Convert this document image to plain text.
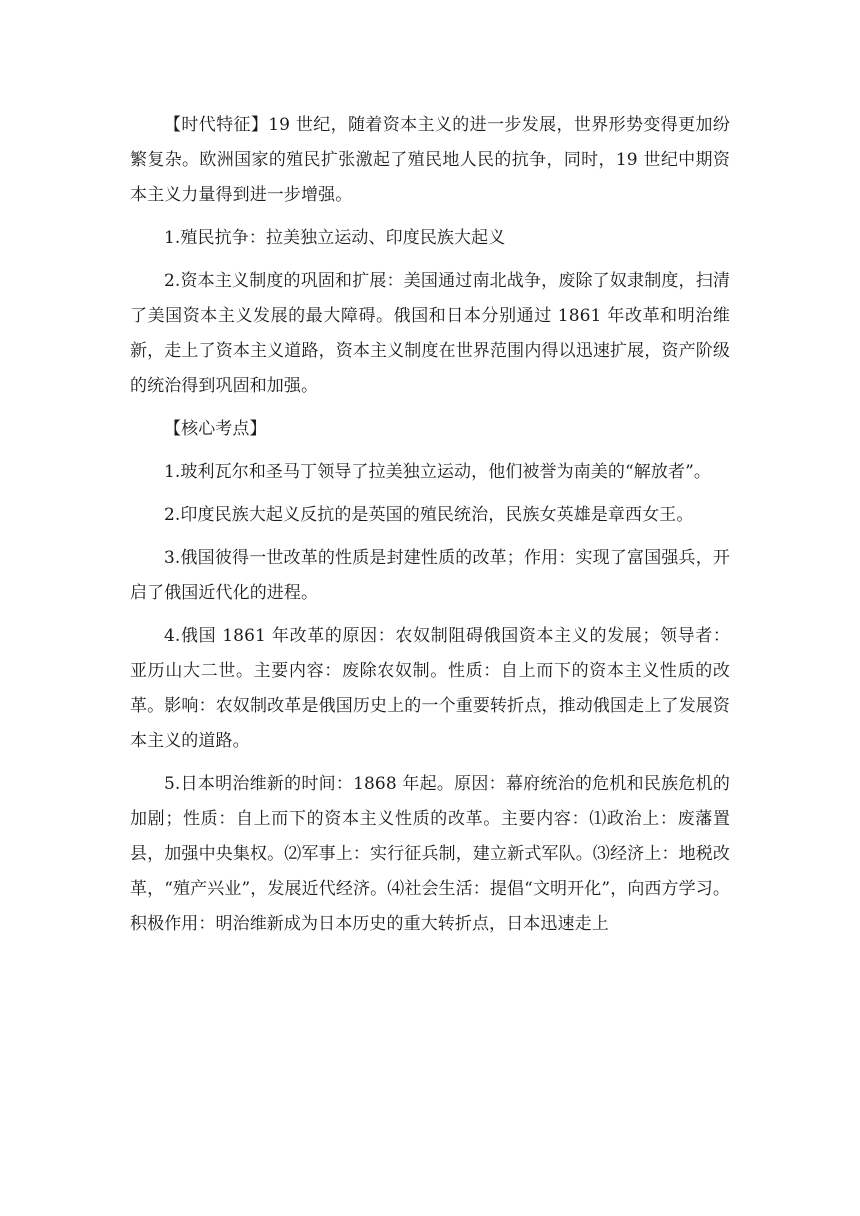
【时代特征】19 世纪，随着资本主义的进一步发展，世界形势变得更加纷繁复杂。欧洲国家的殖民扩张激起了殖民地人民的抗争，同时，19 世纪中期资本主义力量得到进一步增强。

1.殖民抗争：拉美独立运动、印度民族大起义

2.资本主义制度的巩固和扩展：美国通过南北战争，废除了奴隶制度，扫清了美国资本主义发展的最大障碍。俄国和日本分别通过 1861 年改革和明治维新，走上了资本主义道路，资本主义制度在世界范围内得以迅速扩展，资产阶级的统治得到巩固和加强。

【核心考点】

1.玻利瓦尔和圣马丁领导了拉美独立运动，他们被誉为南美的“解放者”。

2.印度民族大起义反抗的是英国的殖民统治，民族女英雄是章西女王。

3.俄国彼得一世改革的性质是封建性质的改革；作用：实现了富国强兵，开启了俄国近代化的进程。

4.俄国 1861 年改革的原因：农奴制阻碍俄国资本主义的发展；领导者：亚历山大二世。主要内容：废除农奴制。性质：自上而下的资本主义性质的改革。影响：农奴制改革是俄国历史上的一个重要转折点，推动俄国走上了发展资本主义的道路。

5.日本明治维新的时间：1868 年起。原因：幕府统治的危机和民族危机的加剧；性质：自上而下的资本主义性质的改革。主要内容：⑴政治上：废藩置县，加强中央集权。⑵军事上：实行征兵制，建立新式军队。⑶经济上：地税改革，“殖产兴业”，发展近代经济。⑷社会生活：提倡“文明开化”，向西方学习。积极作用：明治维新成为日本历史的重大转折点，日本迅速走上
